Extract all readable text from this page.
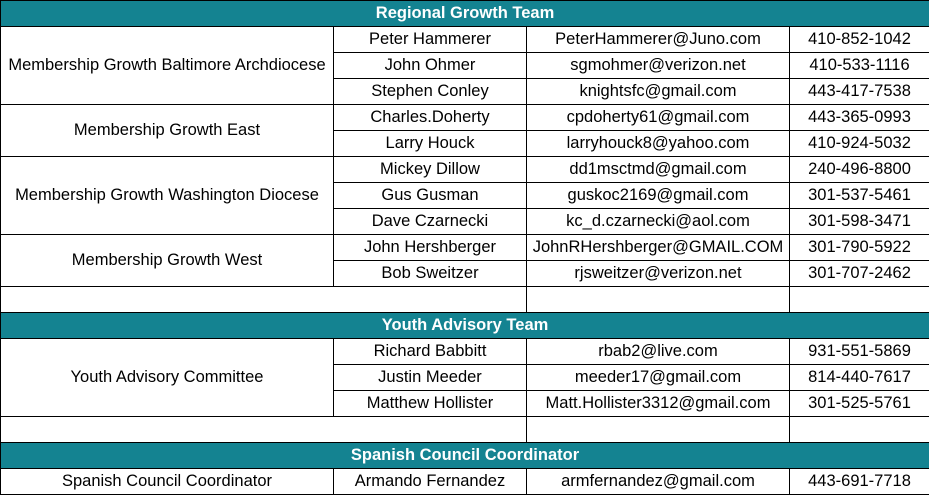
Regional Growth Team			
Membership Growth Baltimore Archdiocese	Peter Hammerer	PeterHammerer@Juno.com	410-852-1042
	John Ohmer	sgmohmer@verizon.net	410-533-1116
	Stephen Conley	knightsfc@gmail.com	443-417-7538
Membership Growth East	Charles.Doherty	cpdoherty61@gmail.com	443-365-0993
	Larry Houck	larryhouck8@yahoo.com	410-924-5032
Membership Growth Washington Diocese	Mickey Dillow	dd1msctmd@gmail.com	240-496-8800
	Gus Gusman	guskoc2169@gmail.com	301-537-5461
	Dave Czarnecki	kc_d.czarnecki@aol.com	301-598-3471
Membership Growth West	John Hershberger	JohnRHershberger@GMAIL.COM	301-790-5922
	Bob Sweitzer	rjsweitzer@verizon.net	301-707-2462

Youth Advisory Team			
Youth Advisory Committee	Richard Babbitt	rbab2@live.com	931-551-5869
	Justin Meeder	meeder17@gmail.com	814-440-7617
	Matthew Hollister	Matt.Hollister3312@gmail.com	301-525-5761

Spanish Council Coordinator			
Spanish Council Coordinator	Armando Fernandez	armfernandez@gmail.com	443-691-7718
